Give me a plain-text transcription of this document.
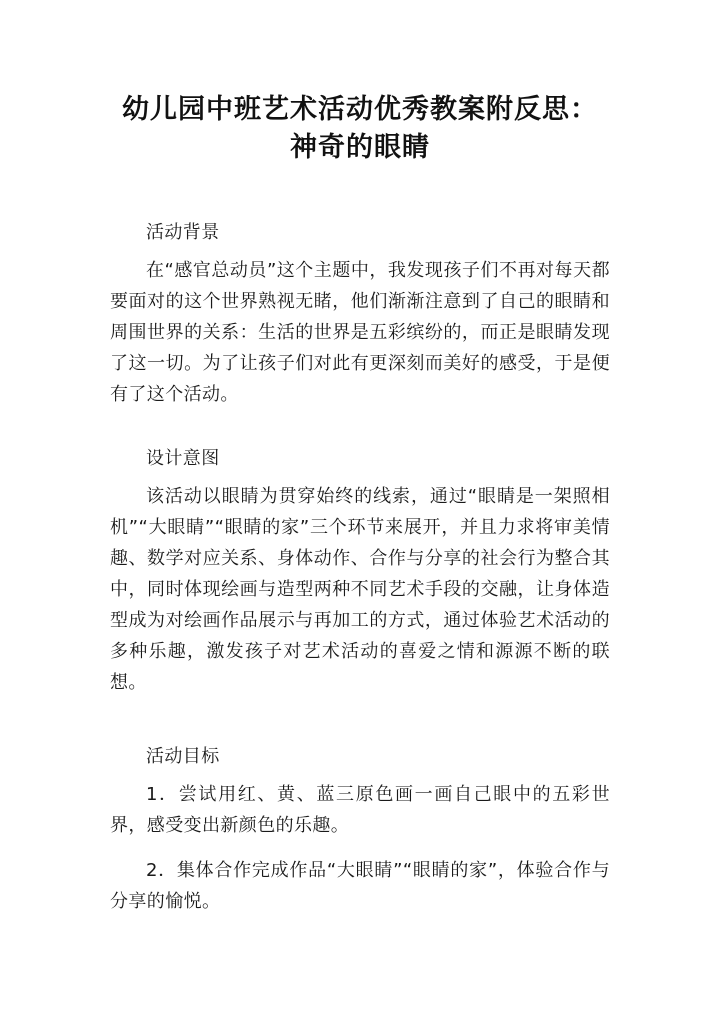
幼儿园中班艺术活动优秀教案附反思：
神奇的眼睛

活动背景

在“感官总动员”这个主题中，我发现孩子们不再对每天都要面对的这个世界熟视无睹，他们渐渐注意到了自己的眼睛和周围世界的关系：生活的世界是五彩缤纷的，而正是眼睛发现了这一切。为了让孩子们对此有更深刻而美好的感受，于是便有了这个活动。

设计意图

该活动以眼睛为贯穿始终的线索，通过“眼睛是一架照相机”“大眼睛”“眼睛的家”三个环节来展开，并且力求将审美情趣、数学对应关系、身体动作、合作与分享的社会行为整合其中，同时体现绘画与造型两种不同艺术手段的交融，让身体造型成为对绘画作品展示与再加工的方式，通过体验艺术活动的多种乐趣，激发孩子对艺术活动的喜爱之情和源源不断的联想。

活动目标

1．尝试用红、黄、蓝三原色画一画自己眼中的五彩世界，感受变出新颜色的乐趣。

2．集体合作完成作品“大眼睛”“眼睛的家”，体验合作与分享的愉悦。
